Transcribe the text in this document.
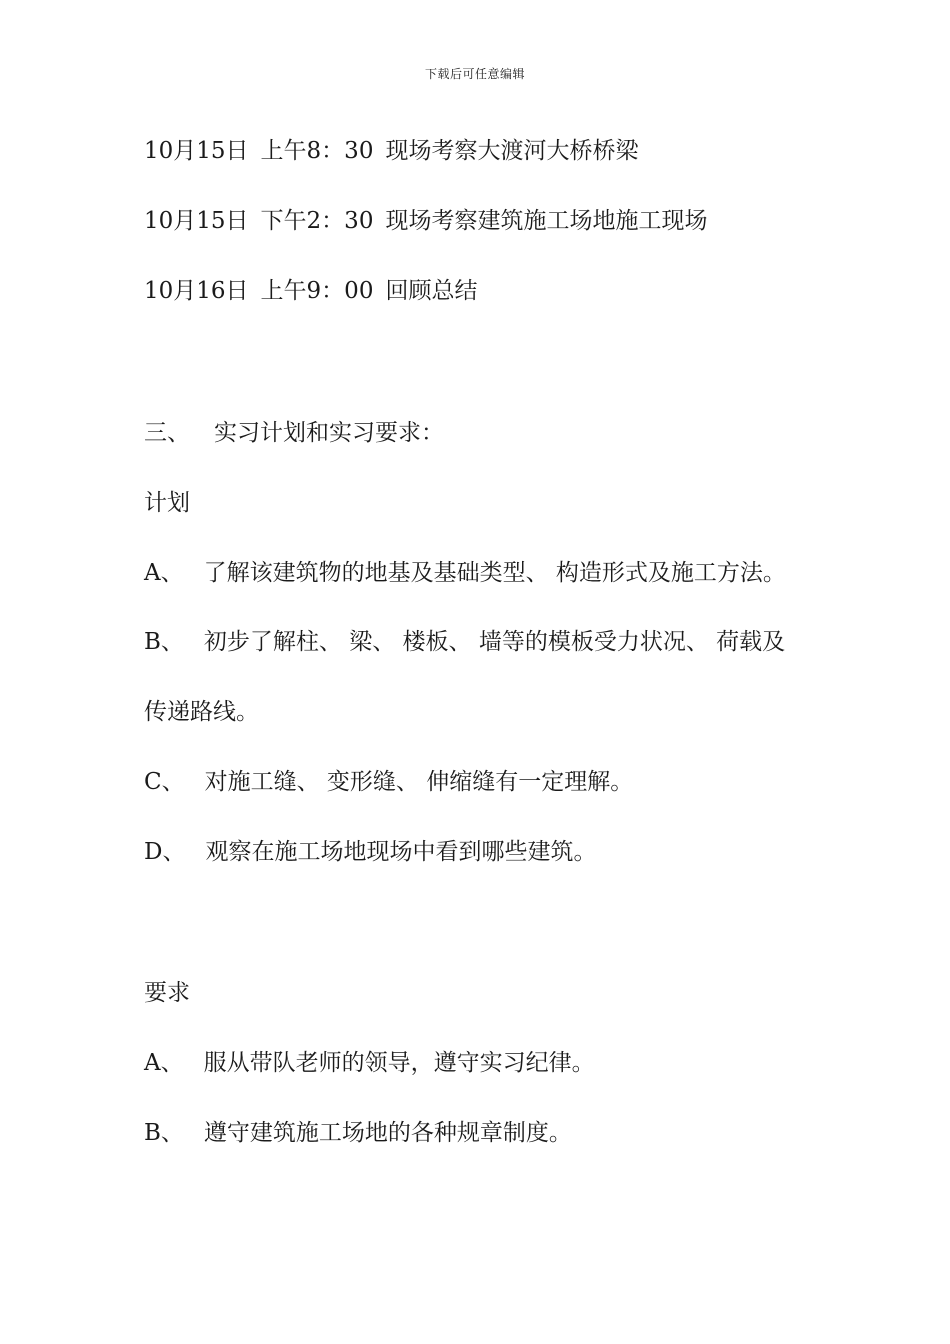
下载后可任意编辑
10月15日 上午8：30 现场考察大渡河大桥桥梁
10月15日 下午2：30 现场考察建筑施工场地施工现场
10月16日 上午9：00 回顾总结
三、 实习计划和实习要求：
计划
A、 了解该建筑物的地基及基础类型、 构造形式及施工方法。
B、 初步了解柱、 梁、 楼板、 墙等的模板受力状况、 荷载及
传递路线。
C、 对施工缝、 变形缝、 伸缩缝有一定理解。
D、 观察在施工场地现场中看到哪些建筑。
要求
A、 服从带队老师的领导，遵守实习纪律。
B、 遵守建筑施工场地的各种规章制度。
